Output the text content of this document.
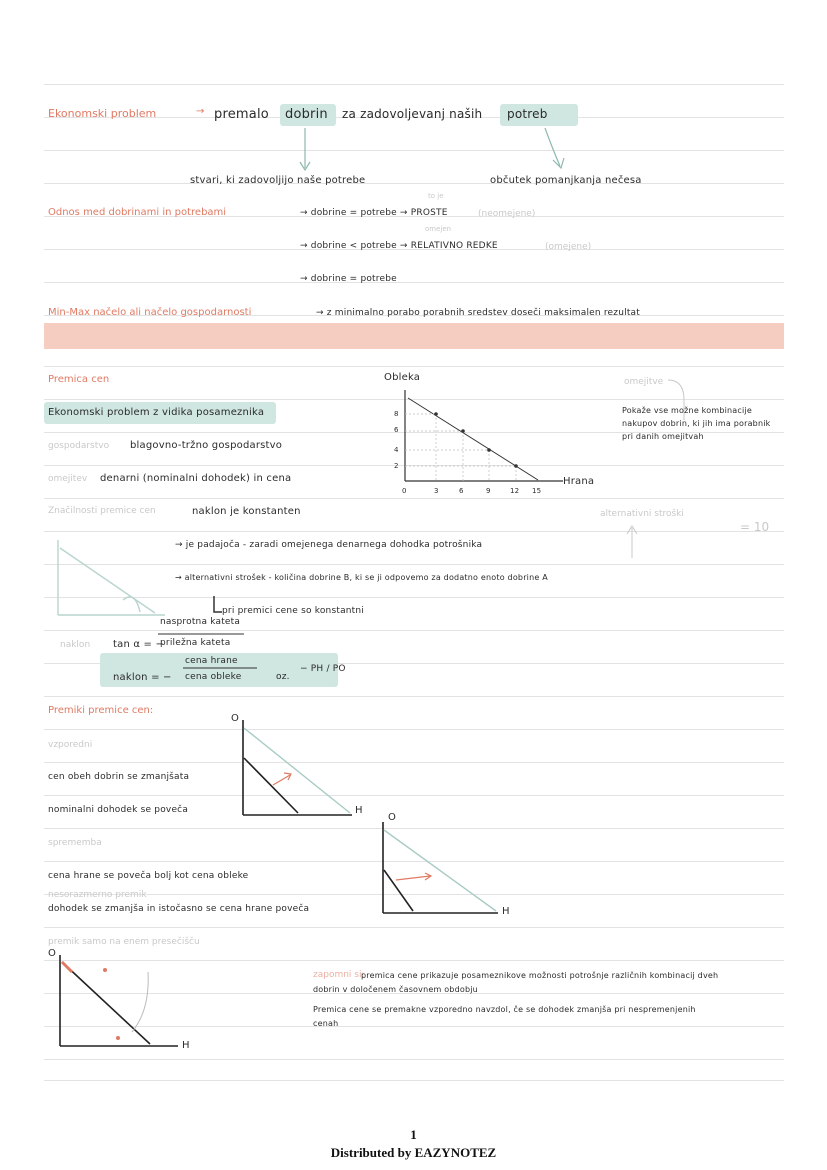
Ekonomski problem	→ premalo dobrin za zadovoljevanj naših potreb
stvari, ki zadovoljijo naše potrebe	občutek pomanjkanja nečesa
Odnos med dobrinami in potrebami	→ dobrine = potrebe → PROSTE	(neomejene)
to je
omejen
→ dobrine < potrebe → RELATIVNO REDKE	(omejene)
→ dobrine = potrebe
Min-Max načelo ali načelo gospodarnosti	→ z minimalno porabo porabnih sredstev doseči maksimalen rezultat
Premica cen
Ekonomski problem z vidika posameznika
gospodarstvo blagovno-tržno gospodarstvo
omejitev denarni (nominalni dohodek) in cena
Obleka
Hrana
8
6
4
2
0	3	6	9	12 15
omejitve
Pokaže vse možne kombinacije nakupov dobrin, ki jih ima porabnik pri danih omejitvah
alternativni stroški
= 10
Značilnosti premice cen	naklon je konstanten
→ je padajoča - zaradi omejenega denarnega dohodka potrošnika
→ alternativni strošek - količina dobrine B, ki se ji odpovemo za dodatno enoto dobrine A
pri premici cene so konstantni
naklon tan α = −
nasprotna kateta
priležna kateta
naklon = −
cena hrane
cena obleke	oz.
− PH / PO
Premiki premice cen:
vzporedni
cen obeh dobrin se zmanjšata
nominalni dohodek se poveča
sprememba
cena hrane se poveča bolj kot cena obleke
nesorazmerno premik
dohodek se zmanjša in istočasno se cena hrane poveča
premik samo na enem presečišču
O
H
O
H
O
H
zapomni si:
premica cene prikazuje posameznikove možnosti potrošnje različnih kombinacij dveh dobrin v določenem časovnem obdobju
Premica cene se premakne vzporedno navzdol, če se dohodek zmanjša pri nespremenjenih cenah
1
Distributed by EAZYNOTEZ
